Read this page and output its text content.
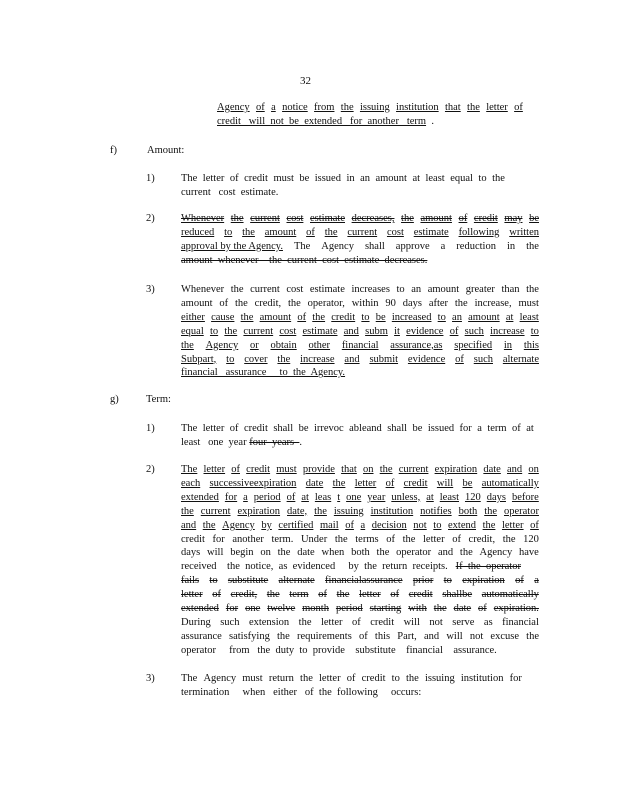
32
Agency of a notice from the issuing institution that the letter of
credit   will  not  be  extended   for  another   term  .
f)	Amount:
1)	The letter of credit must be issued in an amount at least equal to the
current   cost  estimate.
2)	Whenever the current cost estimate decreases, the amount of credit may be
reduced to the amount of the current cost estimate following written
approval by the Agency. The Agency shall approve a reduction in the
amount  whenever    the  current  cost  estimate  decreases.
3)	Whenever the current cost estimate increases to an amount greater than the
amount of the credit, the operator, within 90 days after the increase, must
either cause the amount of the credit to be increased to an amount at least
equal to the current cost estimate and subm it evidence of such increase to
the Agency or obtain other financial assurance,as specified in this
Subpart, to cover the increase and submit evidence of such alternate
financial   assurance     to  the  Agency.
g)	Term:
1)	The letter of credit shall be irrevoc ableand shall be issued for a term of at
least   one  year four  years  .
2)	The letter of credit must provide that on the current expiration date and on
each successiveexpiration date the letter of credit will be automatically
extended for a period of at leas t one year unless, at least 120 days before
the current expiration date, the issuing institution notifies both the operator
and the Agency by certified mail of a decision not to extend the letter of
credit for another term. Under the terms of the letter of credit, the 120
days will begin on the date when both the operator and the Agency have
received    the  notice,  as  evidenced     by  the  return  receipts.   If  the  operator
fails to substitute alternate financialassurance prior to expiration of a
letter of credit, the term of the letter of credit shallbe automatically
extended for one twelve month period starting with the date of expiration.
During such extension the letter of credit will not serve as financial
assurance satisfying the requirements of this Part, and will not excuse the
operator     from   the  duty  to  provide    substitute    financial    assurance.
3)	The Agency must return the letter of credit to the issuing institution for
termination     when   either   of  the  following     occurs:
